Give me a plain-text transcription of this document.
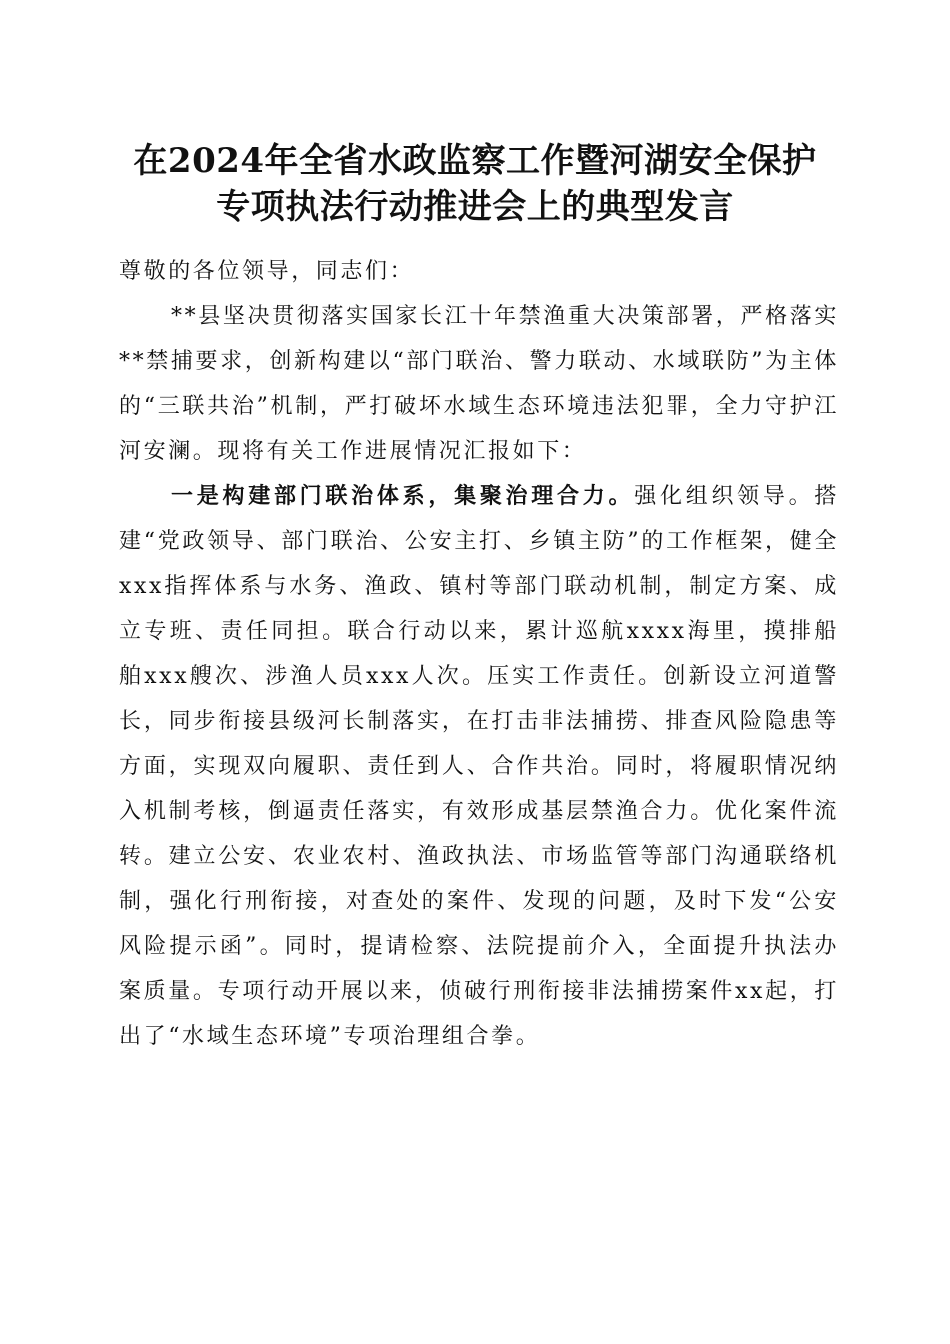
在2024年全省水政监察工作暨河湖安全保护
专项执法行动推进会上的典型发言

尊敬的各位领导，同志们：

**县坚决贯彻落实国家长江十年禁渔重大决策部署，严格落实**禁捕要求，创新构建以“部门联治、警力联动、水域联防”为主体的“三联共治”机制，严打破坏水域生态环境违法犯罪，全力守护江河安澜。现将有关工作进展情况汇报如下：

一是构建部门联治体系，集聚治理合力。强化组织领导。搭建“党政领导、部门联治、公安主打、乡镇主防”的工作框架，健全xxx指挥体系与水务、渔政、镇村等部门联动机制，制定方案、成立专班、责任同担。联合行动以来，累计巡航xxxx海里，摸排船舶xxx艘次、涉渔人员xxx人次。压实工作责任。创新设立河道警长，同步衔接县级河长制落实，在打击非法捕捞、排查风险隐患等方面，实现双向履职、责任到人、合作共治。同时，将履职情况纳入机制考核，倒逼责任落实，有效形成基层禁渔合力。优化案件流转。建立公安、农业农村、渔政执法、市场监管等部门沟通联络机制，强化行刑衔接，对查处的案件、发现的问题，及时下发“公安风险提示函”。同时，提请检察、法院提前介入，全面提升执法办案质量。专项行动开展以来，侦破行刑衔接非法捕捞案件xx起，打出了“水域生态环境”专项治理组合拳。
